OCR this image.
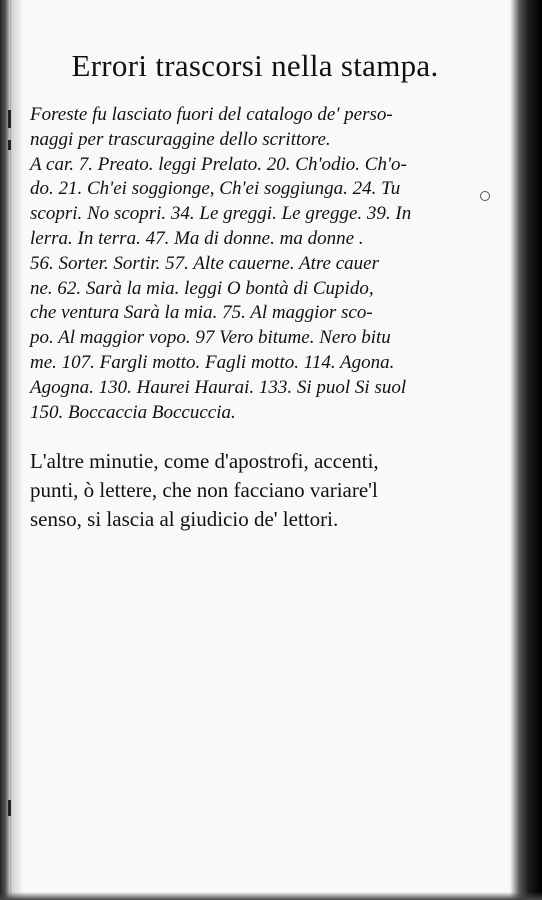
Errori trascorsi nella stampa.
Foreste fu lasciato fuori del catalogo de' perso-
naggi per trascuraggine dello scrittore.
A car. 7. Preato. leggi Prelato. 20. Ch'odio. Ch'o-
do. 21. Ch'ei soggionge, Ch'ei soggiunga. 24. Tu
scopri. No scopri. 34. Le greggi. Le gregge. 39. In
lerra. In terra. 47. Ma di donne. ma donne .
56. Sorter. Sortir. 57. Alte cauerne. Atre cauer
ne. 62. Sarà la mia. leggi O bontà di Cupido,
che ventura Sarà la mia. 75. Al maggior sco-
po. Al maggior vopo. 97 Vero bitume. Nero bitu
me. 107. Fargli motto. Fagli motto. 114. Agona.
Agogna. 130. Haurei Haurai. 133. Si puol Si suol
150. Boccaccia Boccuccia.
L'altre minutie, come d'apostrofi, accenti,
punti, ò lettere, che non facciano variare'l
senso, si lascia al giudicio de' lettori.
